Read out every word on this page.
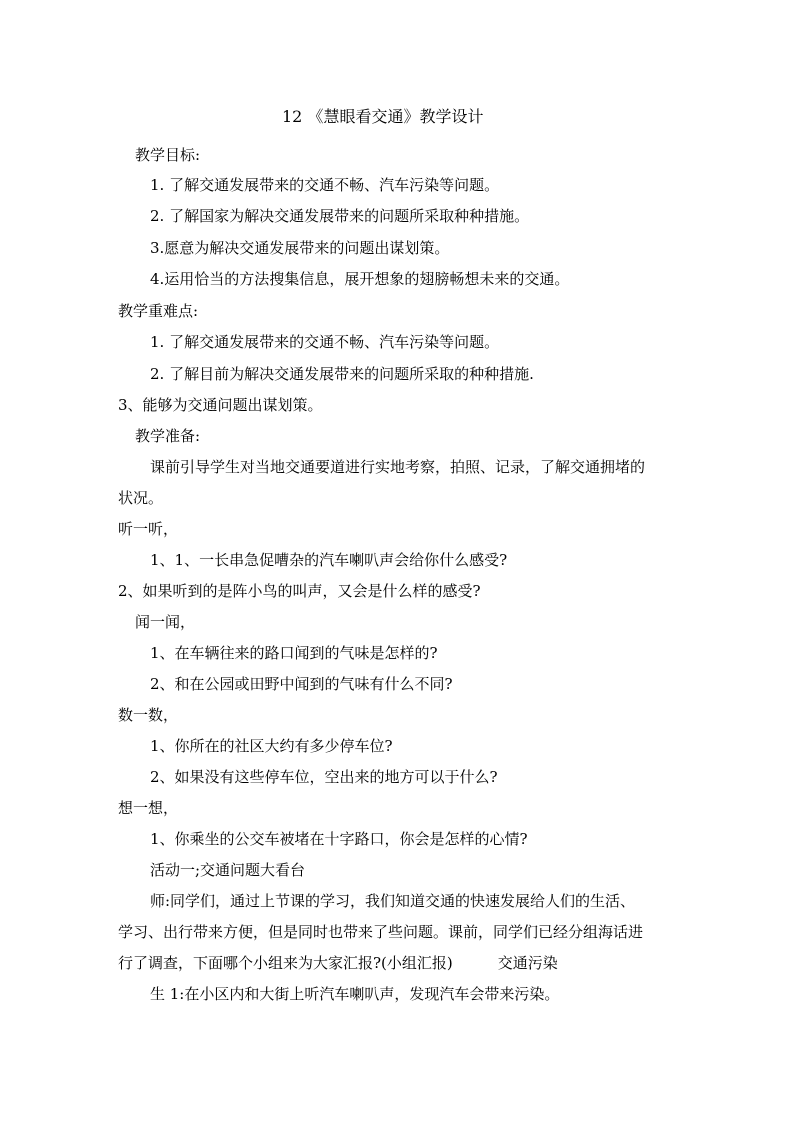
12 《慧眼看交通》教学设计
教学目标:
1. 了解交通发展带来的交通不畅、汽车污染等问题。
2. 了解国家为解决交通发展带来的问题所采取种种措施。
3.愿意为解决交通发展带来的问题出谋划策。
4.运用恰当的方法搜集信息，展开想象的翅膀畅想未来的交通。
教学重难点:
1. 了解交通发展带来的交通不畅、汽车污染等问题。
2. 了解目前为解决交通发展带来的问题所采取的种种措施.
3、能够为交通问题出谋划策。
教学准备:
课前引导学生对当地交通要道进行实地考察，拍照、记录，了解交通拥堵的
状况。
听一听，
1、1、一长串急促嘈杂的汽车喇叭声会给你什么感受?
2、如果听到的是阵小鸟的叫声，又会是什么样的感受?
闻一闻，
1、在车辆往来的路口闻到的气味是怎样的?
2、和在公园或田野中闻到的气味有什么不同?
数一数，
1、你所在的社区大约有多少停车位?
2、如果没有这些停车位，空出来的地方可以于什么?
想一想，
1、你乘坐的公交车被堵在十字路口，你会是怎样的心情?
活动一;交通问题大看台
师:同学们，通过上节课的学习，我们知道交通的快速发展给人们的生活、
学习、出行带来方便，但是同时也带来了些问题。课前，同学们已经分组海话进
行了调查，下面哪个小组来为大家汇报?(小组汇报)　　　交通污染
生 1:在小区内和大街上听汽车喇叭声，发现汽车会带来污染。
